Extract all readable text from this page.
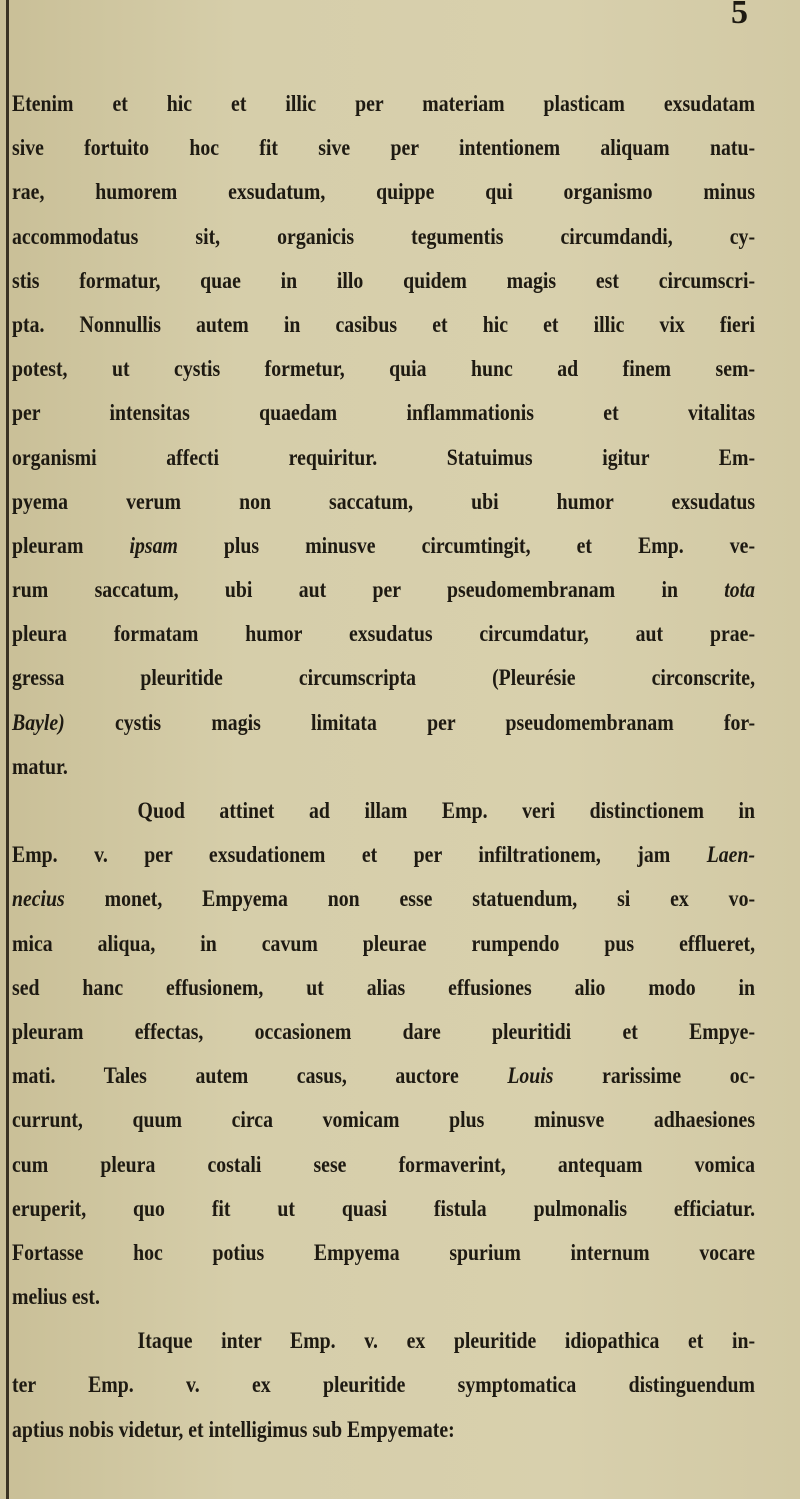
5
Etenim et hic et illic per materiam plasticam exsudatam
sive fortuito hoc fit sive per intentionem aliquam natu-
rae, humorem exsudatum, quippe qui organismo minus
accommodatus sit, organicis tegumentis circumdandi, cy-
stis formatur, quae in illo quidem magis est circumscri-
pta. Nonnullis autem in casibus et hic et illic vix fieri
potest, ut cystis formetur, quia hunc ad finem sem-
per intensitas quaedam inflammationis et vitalitas
organismi affecti requiritur. Statuimus igitur Em-
pyema verum non saccatum, ubi humor exsudatus
pleuram ipsam plus minusve circumtingit, et Emp. ve-
rum saccatum, ubi aut per pseudomembranam in tota
pleura formatam humor exsudatus circumdatur, aut prae-
gressa pleuritide circumscripta (Pleurésie circonscrite,
Bayle) cystis magis limitata per pseudomembranam for-
matur.
Quod attinet ad illam Emp. veri distinctionem in
Emp. v. per exsudationem et per infiltrationem, jam Laen-
necius monet, Empyema non esse statuendum, si ex vo-
mica aliqua, in cavum pleurae rumpendo pus efflueret,
sed hanc effusionem, ut alias effusiones alio modo in
pleuram effectas, occasionem dare pleuritidi et Empye-
mati. Tales autem casus, auctore Louis rarissime oc-
currunt, quum circa vomicam plus minusve adhaesiones
cum pleura costali sese formaverint, antequam vomica
eruperit, quo fit ut quasi fistula pulmonalis efficiatur.
Fortasse hoc potius Empyema spurium internum vocare
melius est.
Itaque inter Emp. v. ex pleuritide idiopathica et in-
ter Emp. v. ex pleuritide symptomatica distinguendum
aptius nobis videtur, et intelligimus sub Empyemate:
